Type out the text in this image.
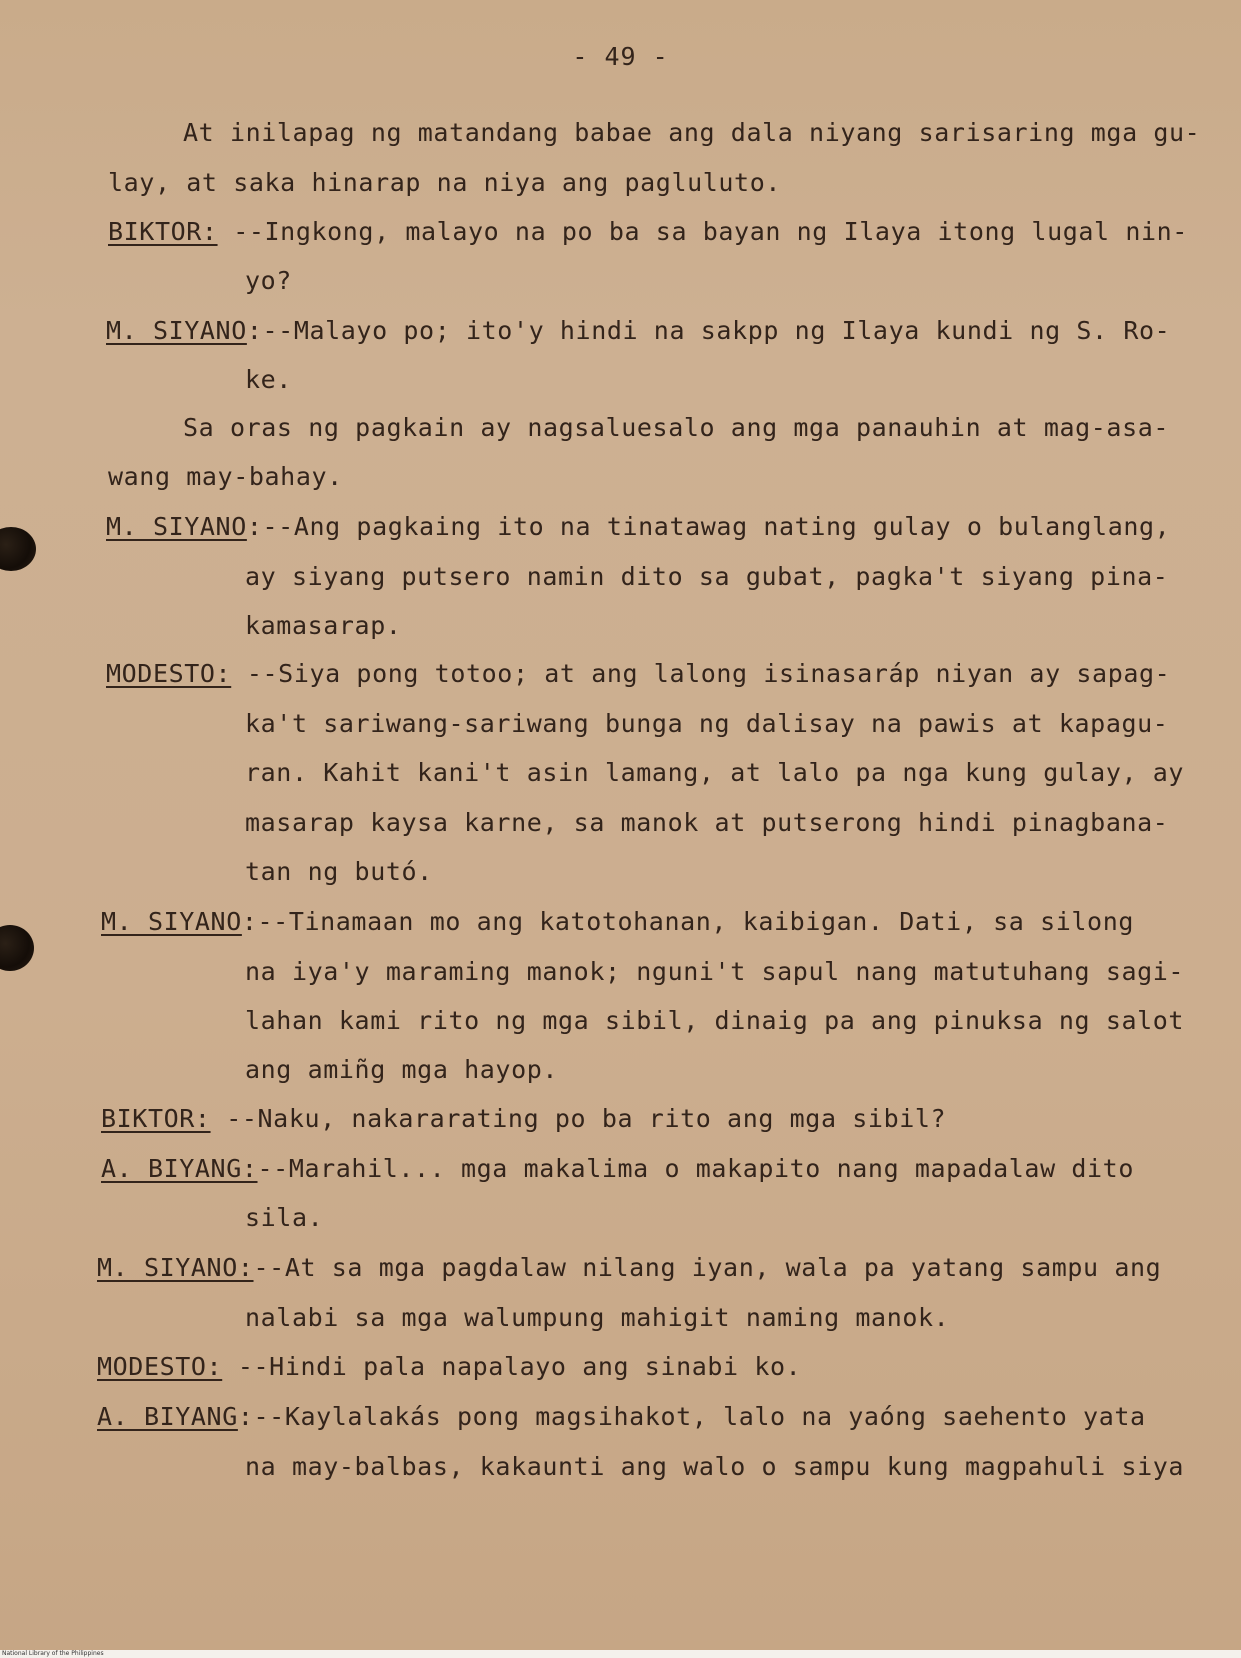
- 49 -
At inilapag ng matandang babae ang dala niyang sarisaring mga gu-
lay, at saka hinarap na niya ang pagluluto.
BIKTOR: --Ingkong, malayo na po ba sa bayan ng Ilaya itong lugal nin-
yo?
M. SIYANO:--Malayo po; ito'y hindi na sakpp ng Ilaya kundi ng S. Ro-
ke.
Sa oras ng pagkain ay nagsaluesalo ang mga panauhin at mag-asa-
wang may-bahay.
M. SIYANO:--Ang pagkaing ito na tinatawag nating gulay o bulanglang,
ay siyang putsero namin dito sa gubat, pagka't siyang pina-
kamasarap.
MODESTO: --Siya pong totoo; at ang lalong isinasaráp niyan ay sapag-
ka't sariwang-sariwang bunga ng dalisay na pawis at kapagu-
ran. Kahit kani't asin lamang, at lalo pa nga kung gulay, ay
masarap kaysa karne, sa manok at putserong hindi pinagbana-
tan ng butó.
M. SIYANO:--Tinamaan mo ang katotohanan, kaibigan. Dati, sa silong
na iya'y maraming manok; nguni't sapul nang matutuhang sagi-
lahan kami rito ng mga sibil, dinaig pa ang pinuksa ng salot
ang amiñg mga hayop.
BIKTOR: --Naku, nakararating po ba rito ang mga sibil?
A. BIYANG:--Marahil... mga makalima o makapito nang mapadalaw dito
sila.
M. SIYANO:--At sa mga pagdalaw nilang iyan, wala pa yatang sampu ang
nalabi sa mga walumpung mahigit naming manok.
MODESTO: --Hindi pala napalayo ang sinabi ko.
A. BIYANG:--Kaylalakás pong magsihakot, lalo na yaóng saehento yata
na may-balbas, kakaunti ang walo o sampu kung magpahuli siya
National Library of the Philippines
